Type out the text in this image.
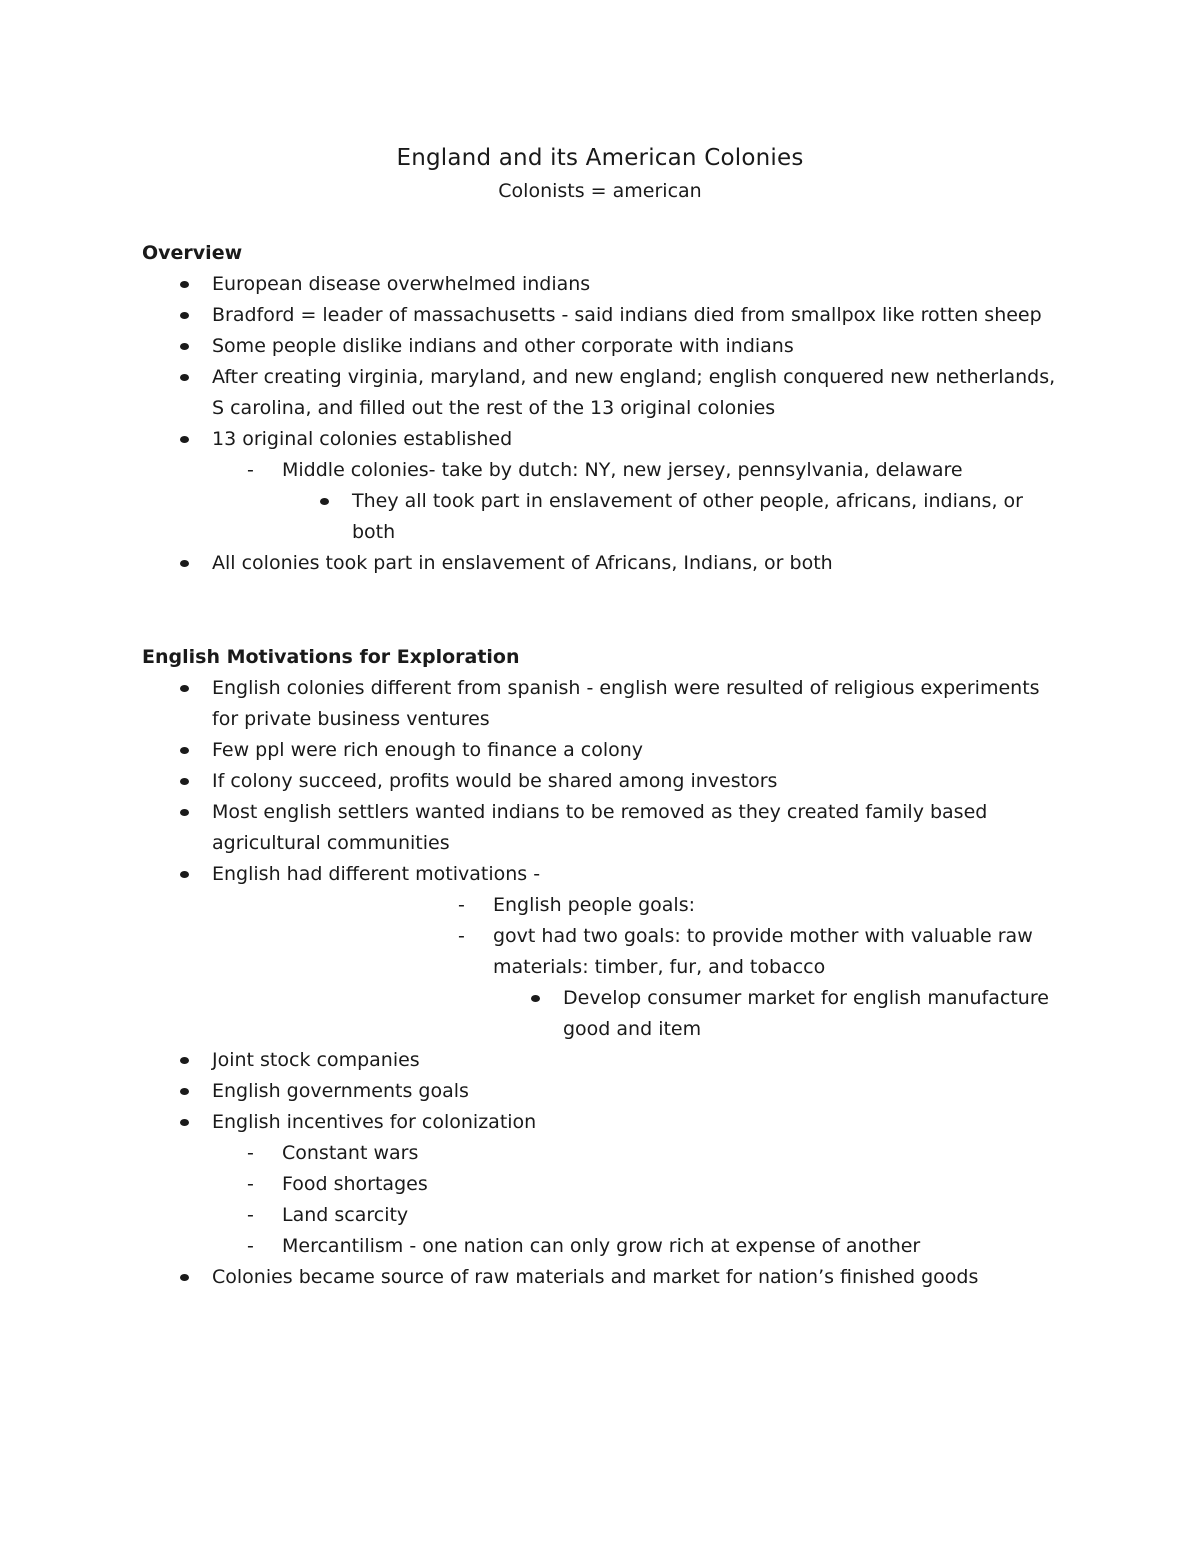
England and its American Colonies
Colonists = american

Overview

European disease overwhelmed indians
Bradford = leader of massachusetts - said indians died from smallpox like rotten sheep
Some people dislike indians and other corporate with indians
After creating virginia, maryland, and new england; english conquered new netherlands, S carolina, and filled out the rest of the 13 original colonies
13 original colonies established
- Middle colonies- take by dutch: NY, new jersey, pennsylvania, delaware
They all took part in enslavement of other people, africans, indians, or both
All colonies took part in enslavement of Africans, Indians, or both

English Motivations for Exploration

English colonies different from spanish - english were resulted of religious experiments for private business ventures
Few ppl were rich enough to finance a colony
If colony succeed, profits would be shared among investors
Most english settlers wanted indians to be removed as they created family based agricultural communities
English had different motivations -
- English people goals:
- govt had two goals: to provide mother with valuable raw materials: timber, fur, and tobacco
Develop consumer market for english manufacture good and item
Joint stock companies
English governments goals
English incentives for colonization
- Constant wars
- Food shortages
- Land scarcity
- Mercantilism - one nation can only grow rich at expense of another
Colonies became source of raw materials and market for nation’s finished goods
